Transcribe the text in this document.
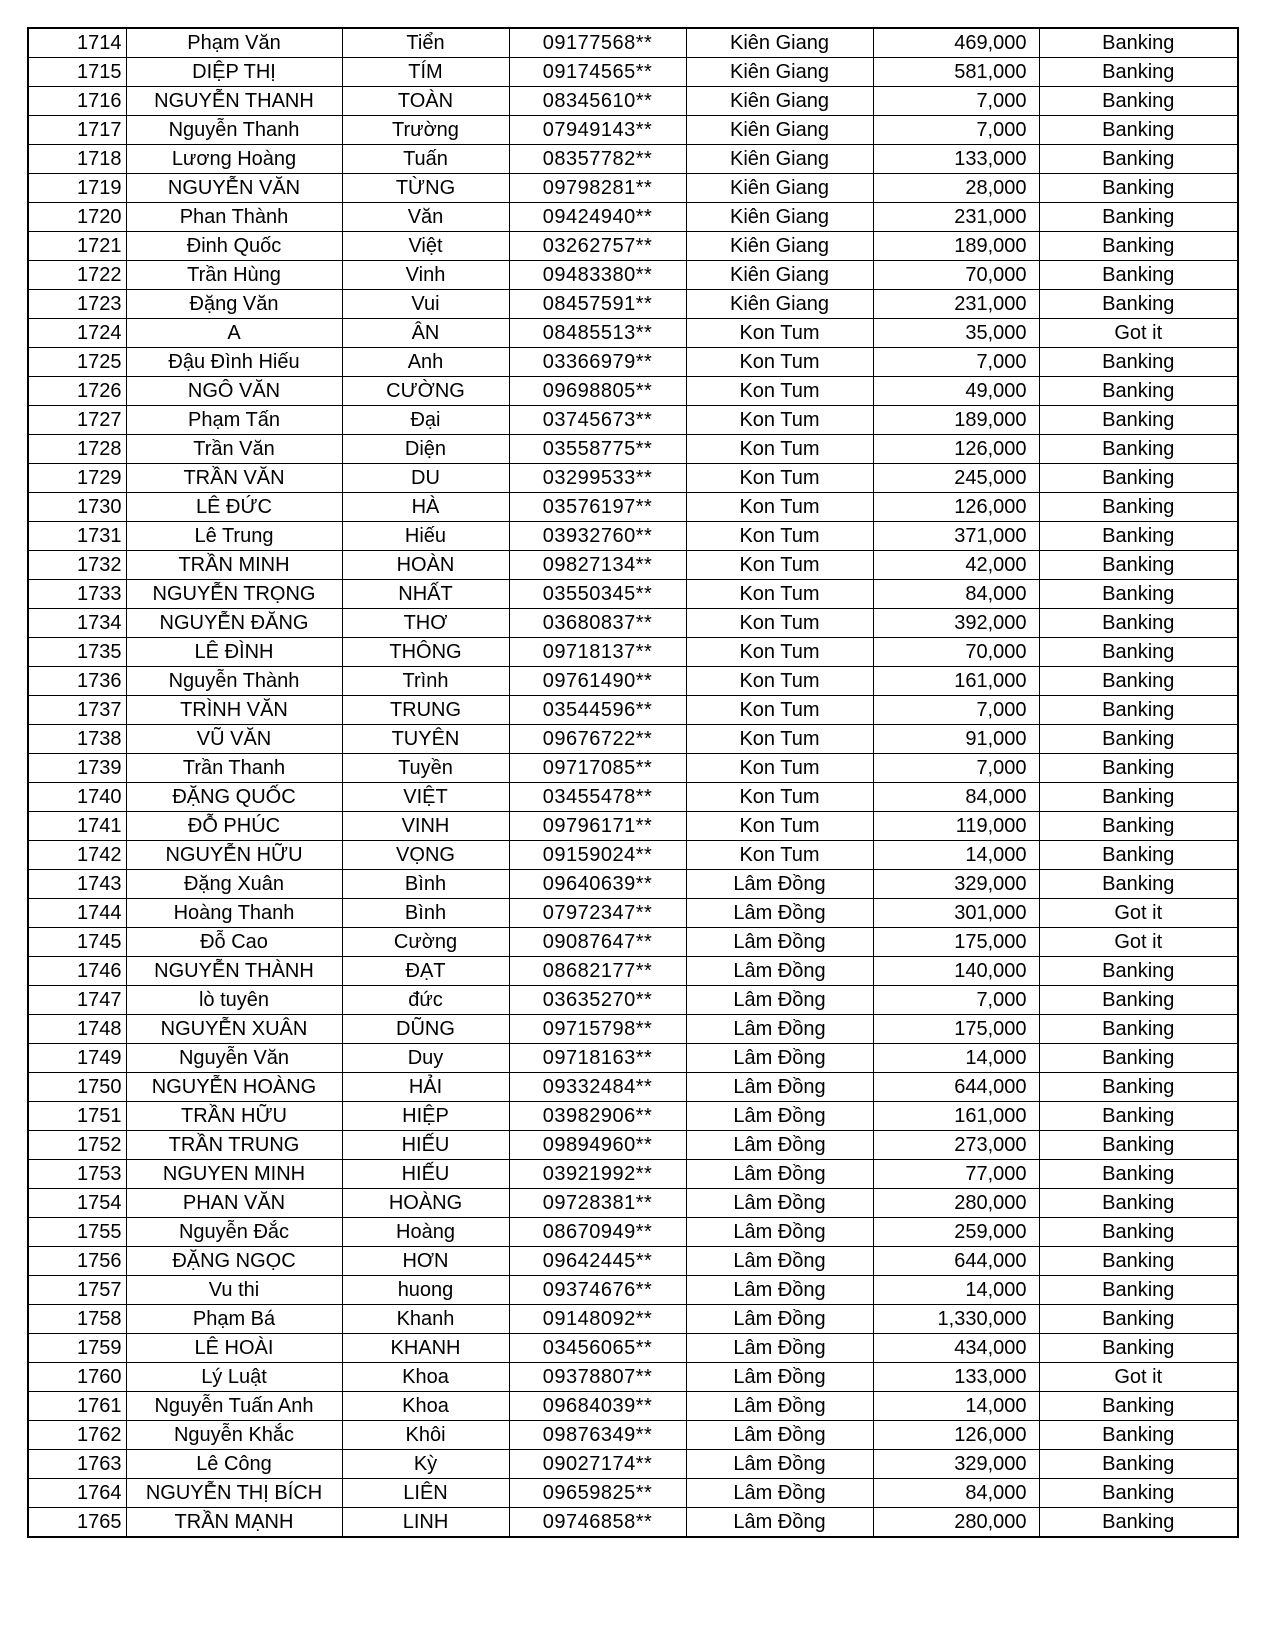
1714	Phạm Văn	Tiển	09177568**	Kiên Giang	469,000	Banking
1715	DIỆP THỊ	TÍM	09174565**	Kiên Giang	581,000	Banking
1716	NGUYỄN THANH	TOÀN	08345610**	Kiên Giang	7,000	Banking
1717	Nguyễn Thanh	Trường	07949143**	Kiên Giang	7,000	Banking
1718	Lương Hoàng	Tuấn	08357782**	Kiên Giang	133,000	Banking
1719	NGUYỄN VĂN	TỪNG	09798281**	Kiên Giang	28,000	Banking
1720	Phan Thành	Văn	09424940**	Kiên Giang	231,000	Banking
1721	Đinh Quốc	Việt	03262757**	Kiên Giang	189,000	Banking
1722	Trần Hùng	Vinh	09483380**	Kiên Giang	70,000	Banking
1723	Đặng Văn	Vui	08457591**	Kiên Giang	231,000	Banking
1724	A	ÂN	08485513**	Kon Tum	35,000	Got it
1725	Đậu Đình Hiếu	Anh	03366979**	Kon Tum	7,000	Banking
1726	NGÔ VĂN	CƯỜNG	09698805**	Kon Tum	49,000	Banking
1727	Phạm Tấn	Đại	03745673**	Kon Tum	189,000	Banking
1728	Trần Văn	Diện	03558775**	Kon Tum	126,000	Banking
1729	TRẦN VĂN	DU	03299533**	Kon Tum	245,000	Banking
1730	LÊ ĐỨC	HÀ	03576197**	Kon Tum	126,000	Banking
1731	Lê Trung	Hiếu	03932760**	Kon Tum	371,000	Banking
1732	TRẦN MINH	HOÀN	09827134**	Kon Tum	42,000	Banking
1733	NGUYỄN TRỌNG	NHẤT	03550345**	Kon Tum	84,000	Banking
1734	NGUYỄN ĐĂNG	THƠ	03680837**	Kon Tum	392,000	Banking
1735	LÊ ĐÌNH	THÔNG	09718137**	Kon Tum	70,000	Banking
1736	Nguyễn Thành	Trình	09761490**	Kon Tum	161,000	Banking
1737	TRÌNH VĂN	TRUNG	03544596**	Kon Tum	7,000	Banking
1738	VŨ VĂN	TUYÊN	09676722**	Kon Tum	91,000	Banking
1739	Trần Thanh	Tuyền	09717085**	Kon Tum	7,000	Banking
1740	ĐẶNG QUỐC	VIỆT	03455478**	Kon Tum	84,000	Banking
1741	ĐỖ PHÚC	VINH	09796171**	Kon Tum	119,000	Banking
1742	NGUYỄN HỮU	VỌNG	09159024**	Kon Tum	14,000	Banking
1743	Đặng Xuân	Bình	09640639**	Lâm Đồng	329,000	Banking
1744	Hoàng Thanh	Bình	07972347**	Lâm Đồng	301,000	Got it
1745	Đỗ Cao	Cường	09087647**	Lâm Đồng	175,000	Got it
1746	NGUYỄN THÀNH	ĐẠT	08682177**	Lâm Đồng	140,000	Banking
1747	lò tuyên	đức	03635270**	Lâm Đồng	7,000	Banking
1748	NGUYỄN XUÂN	DŨNG	09715798**	Lâm Đồng	175,000	Banking
1749	Nguyễn Văn	Duy	09718163**	Lâm Đồng	14,000	Banking
1750	NGUYỄN HOÀNG	HẢI	09332484**	Lâm Đồng	644,000	Banking
1751	TRẦN HỮU	HIỆP	03982906**	Lâm Đồng	161,000	Banking
1752	TRẦN TRUNG	HIẾU	09894960**	Lâm Đồng	273,000	Banking
1753	NGUYEN MINH	HIẾU	03921992**	Lâm Đồng	77,000	Banking
1754	PHAN VĂN	HOÀNG	09728381**	Lâm Đồng	280,000	Banking
1755	Nguyễn Đắc	Hoàng	08670949**	Lâm Đồng	259,000	Banking
1756	ĐẶNG NGỌC	HƠN	09642445**	Lâm Đồng	644,000	Banking
1757	Vu thi	huong	09374676**	Lâm Đồng	14,000	Banking
1758	Phạm Bá	Khanh	09148092**	Lâm Đồng	1,330,000	Banking
1759	LÊ HOÀI	KHANH	03456065**	Lâm Đồng	434,000	Banking
1760	Lý Luật	Khoa	09378807**	Lâm Đồng	133,000	Got it
1761	Nguyễn Tuấn Anh	Khoa	09684039**	Lâm Đồng	14,000	Banking
1762	Nguyễn Khắc	Khôi	09876349**	Lâm Đồng	126,000	Banking
1763	Lê Công	Kỳ	09027174**	Lâm Đồng	329,000	Banking
1764	NGUYỄN THỊ BÍCH	LIÊN	09659825**	Lâm Đồng	84,000	Banking
1765	TRẦN MẠNH	LINH	09746858**	Lâm Đồng	280,000	Banking
